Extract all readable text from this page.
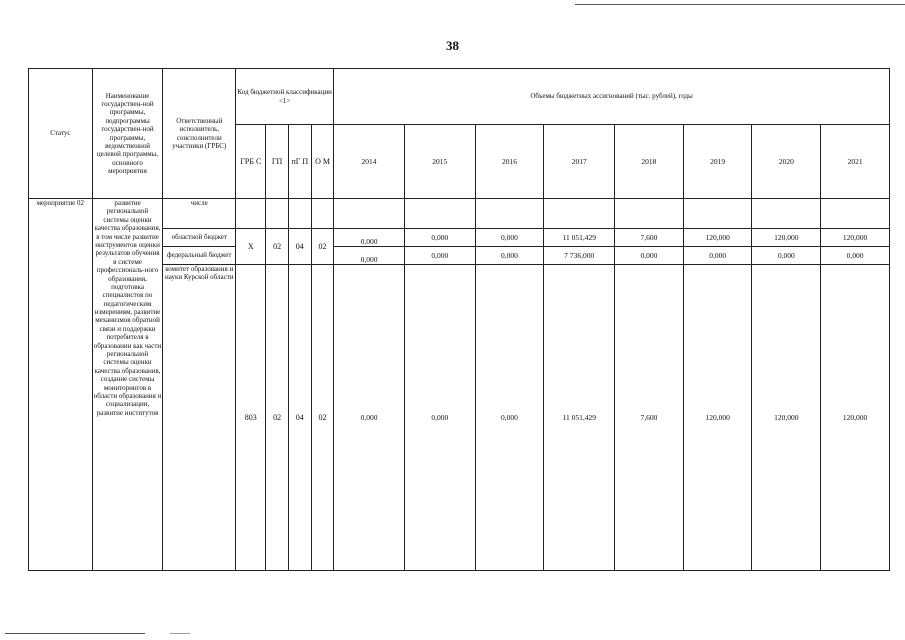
38
Статус	Наименование государствен-ной программы, подпрограммы государствен-ной программы, ведомственной целевой программы, основного мероприятия	Ответственный исполнитель, соисполнители участники (ГРБС)	Код бюджетной классификации <1>				Объемы бюджетных ассигнований (тыс. рублей), годы							
			ГРБ С	ГП	пГ П	О М	2014	2015	2016	2017	2018	2019	2020	2021
мероприятие 02	развитие региональной системы оценки качества образования, в том числе развитие инструментов оценки результатов обучения в системе профессиональ-ного образования, подготовка специалистов по педагогическим измерениям, развитие механизмов обратной связи и поддержки потребителя в образовании как части региональной системы оценки качества образования, создание системы мониторингов в области образования и социализации, развитие институтов	числе												
		областной бюджет	Х	02	04	02	0,000	0,000	0,000	11 051,429	7,600	120,000	120,000	120,000
		федеральный бюджет					0,000	0,000	0,000	7 736,000	0,000	0,000	0,000	0,000
		комитет образования и науки Курской области	803	02	04	02	0,000	0,000	0,000	11 051,429	7,600	120,000	120,000	120,000
